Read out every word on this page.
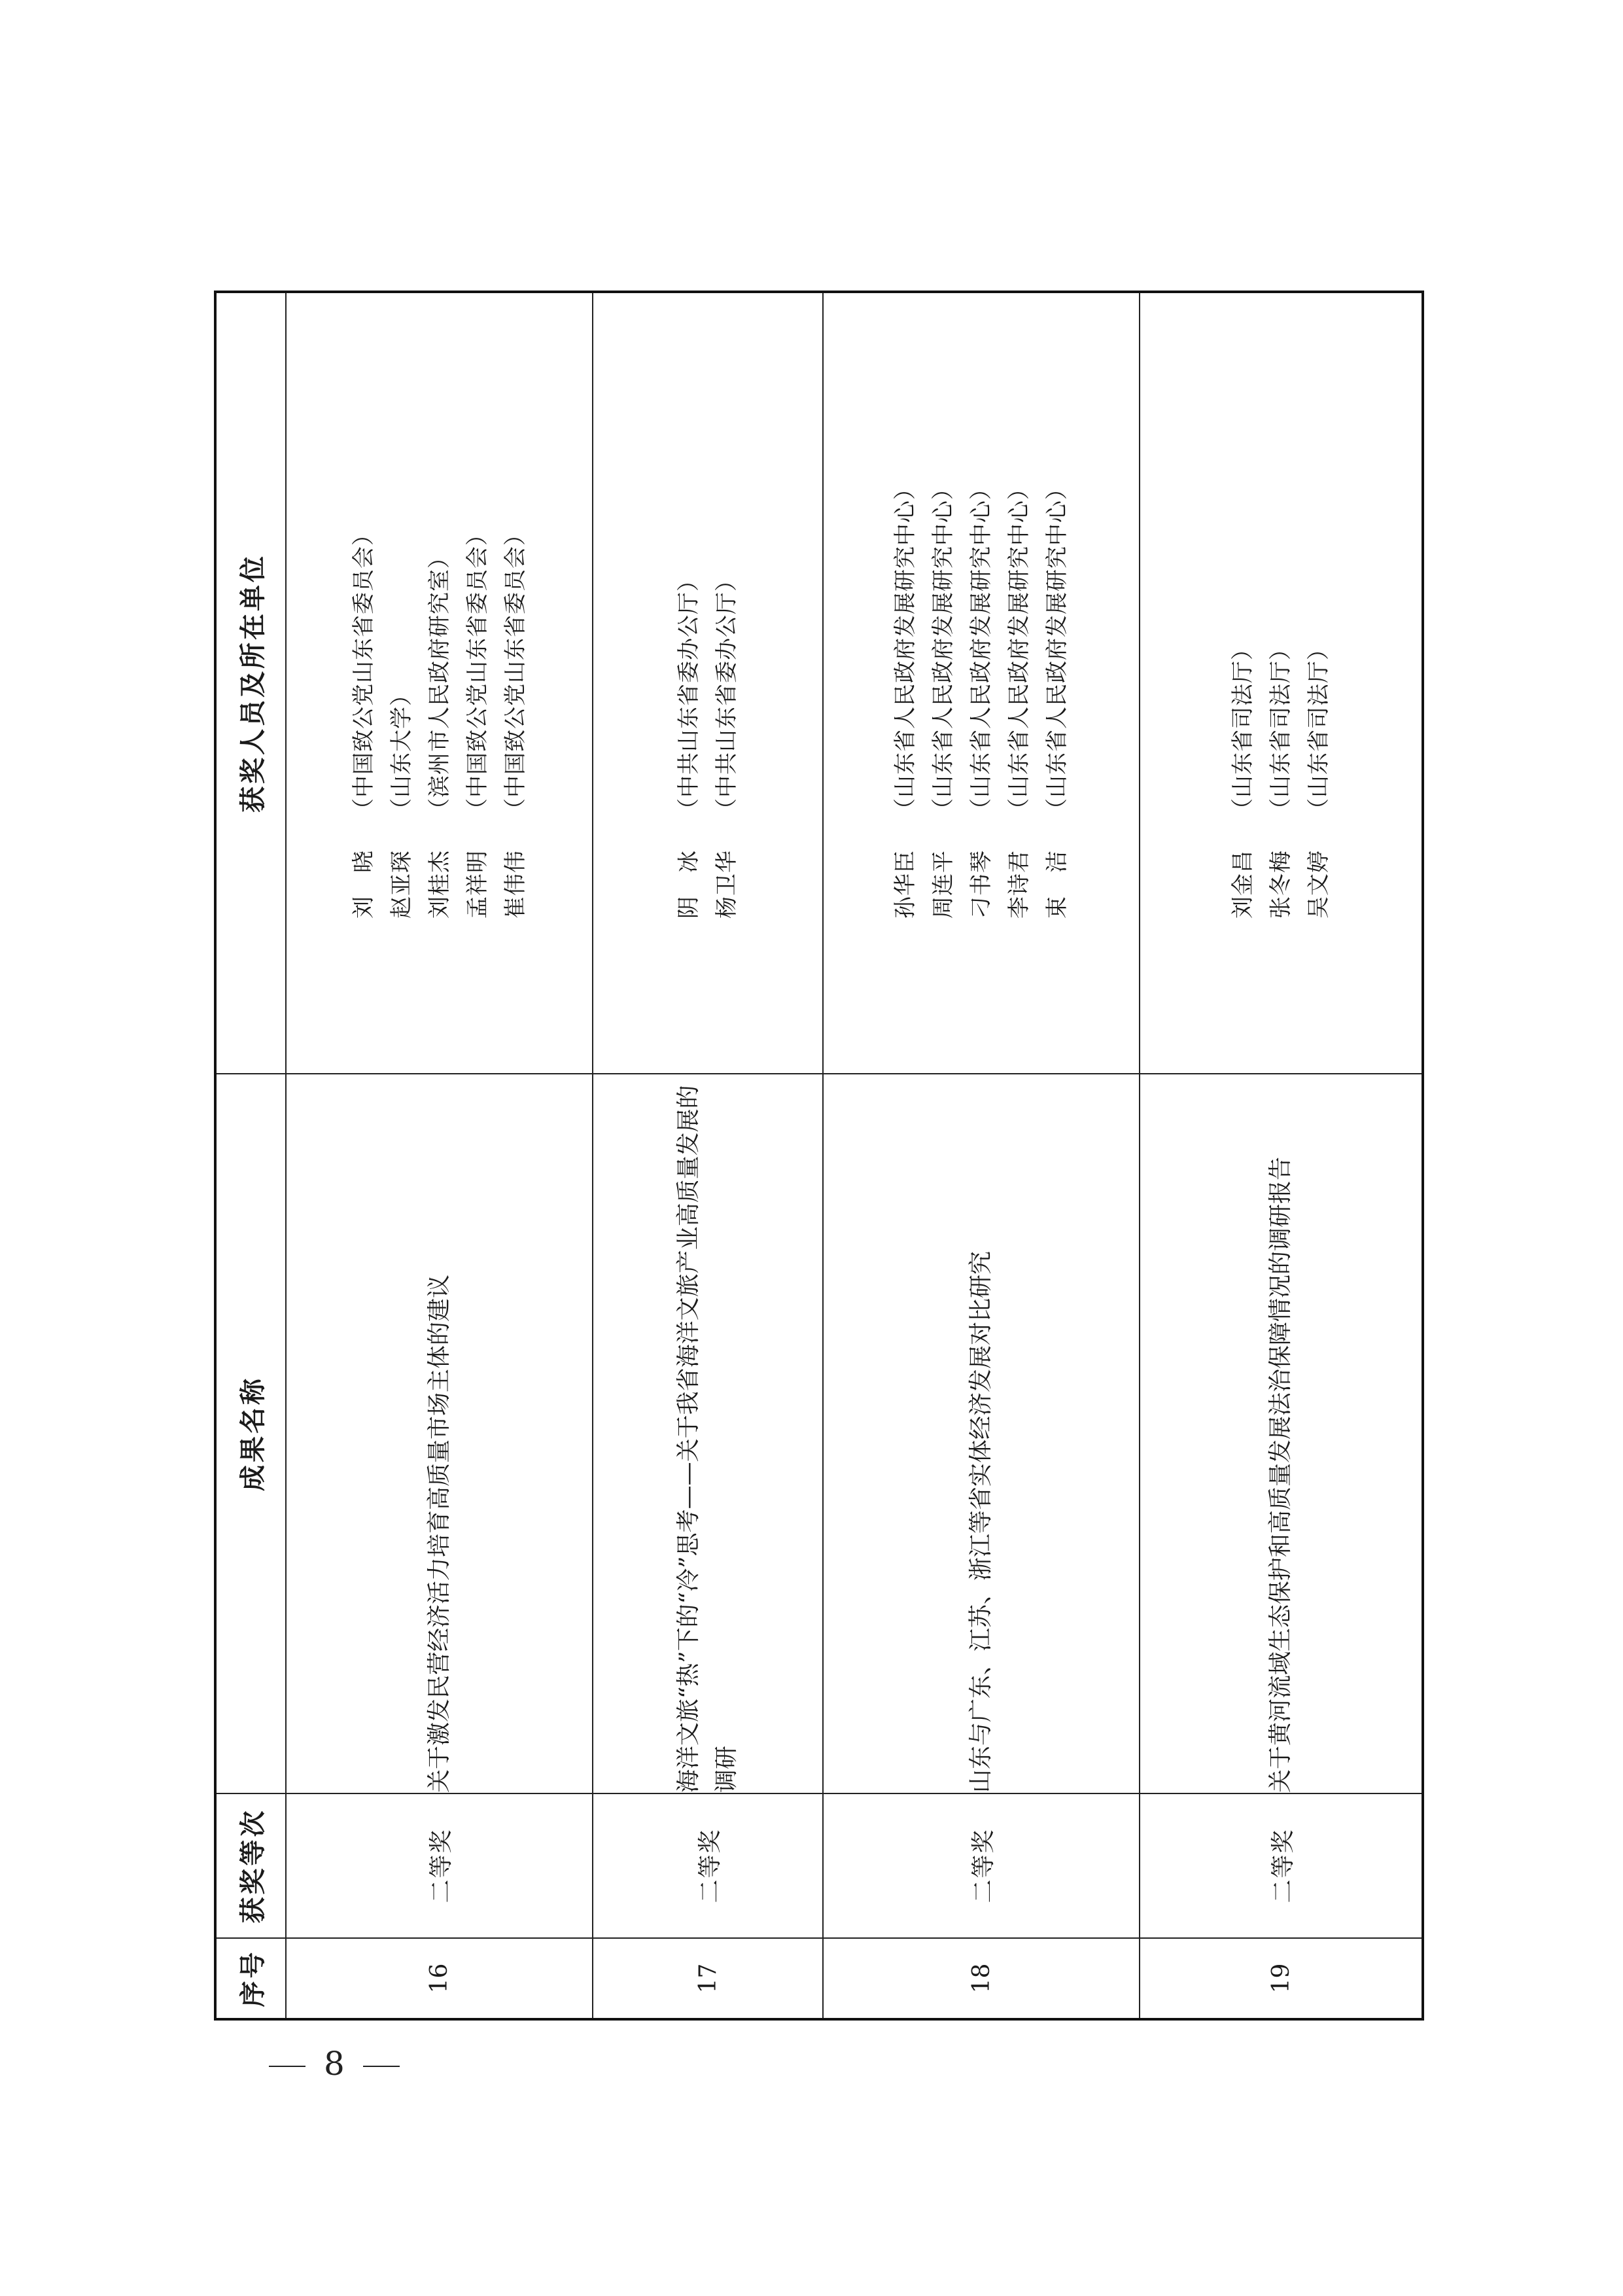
序号	获奖等次	成果名称	获奖人员及所在单位
16	二等奖	关于激发民营经济活力培育高质量市场主体的建议	刘　晓（中国致公党山东省委员会）
赵亚琛（山东大学）
刘桂杰（滨州市人民政府研究室）
孟祥明（中国致公党山东省委员会）
崔伟伟（中国致公党山东省委员会）

17	二等奖	海洋文旅“热”下的“冷”思考——关于我省海洋文旅产业高质量发展的调研	阴　冰（中共山东省委办公厅）
杨卫华（中共山东省委办公厅）

18	二等奖	山东与广东、江苏、浙江等省实体经济发展对比研究	孙华臣（山东省人民政府发展研究中心）
周连平（山东省人民政府发展研究中心）
刁书琴（山东省人民政府发展研究中心）
李诗君（山东省人民政府发展研究中心）
束　洁（山东省人民政府发展研究中心）

19	二等奖	关于黄河流域生态保护和高质量发展法治保障情况的调研报告	刘金昌（山东省司法厅）
张冬梅（山东省司法厅）
吴文婷（山东省司法厅）
8
